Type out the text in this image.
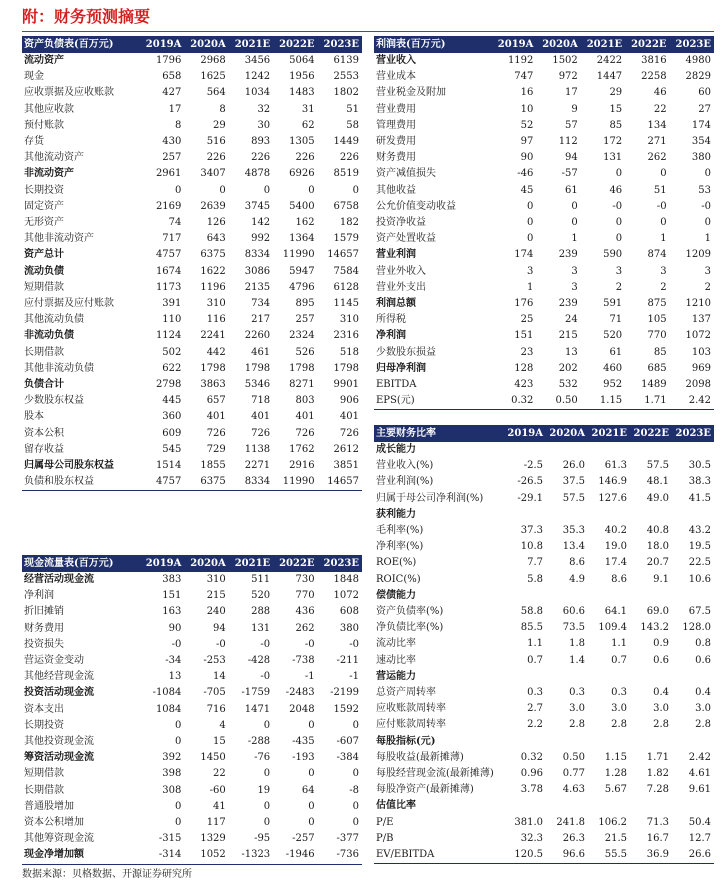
附：财务预测摘要
资产负债表(百万元)	2019A	2020A	2021E	2022E	2023E
流动资产	1796	2968	3456	5064	6139
现金	658	1625	1242	1956	2553
应收票据及应收账款	427	564	1034	1483	1802
其他应收款	17	8	32	31	51
预付账款	8	29	30	62	58
存货	430	516	893	1305	1449
其他流动资产	257	226	226	226	226
非流动资产	2961	3407	4878	6926	8519
长期投资	0	0	0	0	0
固定资产	2169	2639	3745	5400	6758
无形资产	74	126	142	162	182
其他非流动资产	717	643	992	1364	1579
资产总计	4757	6375	8334	11990	14657
流动负债	1674	1622	3086	5947	7584
短期借款	1173	1196	2135	4796	6128
应付票据及应付账款	391	310	734	895	1145
其他流动负债	110	116	217	257	310
非流动负债	1124	2241	2260	2324	2316
长期借款	502	442	461	526	518
其他非流动负债	622	1798	1798	1798	1798
负债合计	2798	3863	5346	8271	9901
少数股东权益	445	657	718	803	906
股本	360	401	401	401	401
资本公积	609	726	726	726	726
留存收益	545	729	1138	1762	2612
归属母公司股东权益	1514	1855	2271	2916	3851
负债和股东权益	4757	6375	8334	11990	14657
利润表(百万元)	2019A	2020A	2021E	2022E	2023E
营业收入	1192	1502	2422	3816	4980
营业成本	747	972	1447	2258	2829
营业税金及附加	16	17	29	46	60
营业费用	10	9	15	22	27
管理费用	52	57	85	134	174
研发费用	97	112	172	271	354
财务费用	90	94	131	262	380
资产减值损失	-46	-57	0	0	0
其他收益	45	61	46	51	53
公允价值变动收益	0	0	-0	-0	-0
投资净收益	0	0	0	0	0
资产处置收益	0	1	0	1	1
营业利润	174	239	590	874	1209
营业外收入	3	3	3	3	3
营业外支出	1	3	2	2	2
利润总额	176	239	591	875	1210
所得税	25	24	71	105	137
净利润	151	215	520	770	1072
少数股东损益	23	13	61	85	103
归母净利润	128	202	460	685	969
EBITDA	423	532	952	1489	2098
EPS(元)	0.32	0.50	1.15	1.71	2.42
现金流量表(百万元)	2019A	2020A	2021E	2022E	2023E
经营活动现金流	383	310	511	730	1848
净利润	151	215	520	770	1072
折旧摊销	163	240	288	436	608
财务费用	90	94	131	262	380
投资损失	-0	-0	-0	-0	-0
营运资金变动	-34	-253	-428	-738	-211
其他经营现金流	13	14	-0	-1	-1
投资活动现金流	-1084	-705	-1759	-2483	-2199
资本支出	1084	716	1471	2048	1592
长期投资	0	4	0	0	0
其他投资现金流	0	15	-288	-435	-607
筹资活动现金流	392	1450	-76	-193	-384
短期借款	398	22	0	0	0
长期借款	308	-60	19	64	-8
普通股增加	0	41	0	0	0
资本公积增加	0	117	0	0	0
其他筹资现金流	-315	1329	-95	-257	-377
现金净增加额	-314	1052	-1323	-1946	-736
主要财务比率	2019A	2020A	2021E	2022E	2023E
成长能力					
营业收入(%)	-2.5	26.0	61.3	57.5	30.5
营业利润(%)	-26.5	37.5	146.9	48.1	38.3
归属于母公司净利润(%)	-29.1	57.5	127.6	49.0	41.5
获利能力					
毛利率(%)	37.3	35.3	40.2	40.8	43.2
净利率(%)	10.8	13.4	19.0	18.0	19.5
ROE(%)	7.7	8.6	17.4	20.7	22.5
ROIC(%)	5.8	4.9	8.6	9.1	10.6
偿债能力					
资产负债率(%)	58.8	60.6	64.1	69.0	67.5
净负债比率(%)	85.5	73.5	109.4	143.2	128.0
流动比率	1.1	1.8	1.1	0.9	0.8
速动比率	0.7	1.4	0.7	0.6	0.6
营运能力					
总资产周转率	0.3	0.3	0.3	0.4	0.4
应收账款周转率	2.7	3.0	3.0	3.0	3.0
应付账款周转率	2.2	2.8	2.8	2.8	2.8
每股指标(元)					
每股收益(最新摊薄)	0.32	0.50	1.15	1.71	2.42
每股经营现金流(最新摊薄)	0.96	0.77	1.28	1.82	4.61
每股净资产(最新摊薄)	3.78	4.63	5.67	7.28	9.61
估值比率					
P/E	381.0	241.8	106.2	71.3	50.4
P/B	32.3	26.3	21.5	16.7	12.7
EV/EBITDA	120.5	96.6	55.5	36.9	26.6
数据来源：贝格数据、开源证券研究所
